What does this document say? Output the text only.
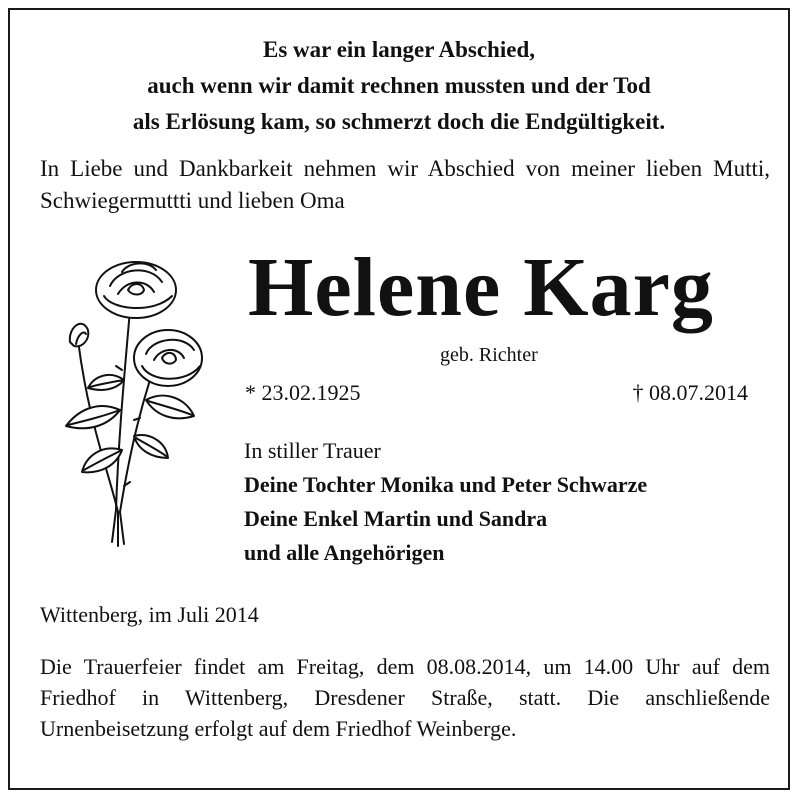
Es war ein langer Abschied,
auch wenn wir damit rechnen mussten und der Tod
als Erlösung kam, so schmerzt doch die Endgültigkeit.
In Liebe und Dankbarkeit nehmen wir Abschied von meiner lieben Mutti, Schwiegermuttti und lieben Oma
Helene Karg
geb. Richter
* 23.02.1925	† 08.07.2014
In stiller Trauer
Deine Tochter Monika und Peter Schwarze
Deine Enkel Martin und Sandra
und alle Angehörigen
Wittenberg, im Juli 2014
Die Trauerfeier findet am Freitag, dem 08.08.2014, um 14.00 Uhr auf dem Friedhof in Wittenberg, Dresdener Straße, statt. Die anschließende Urnenbeisetzung erfolgt auf dem Friedhof Weinberge.
